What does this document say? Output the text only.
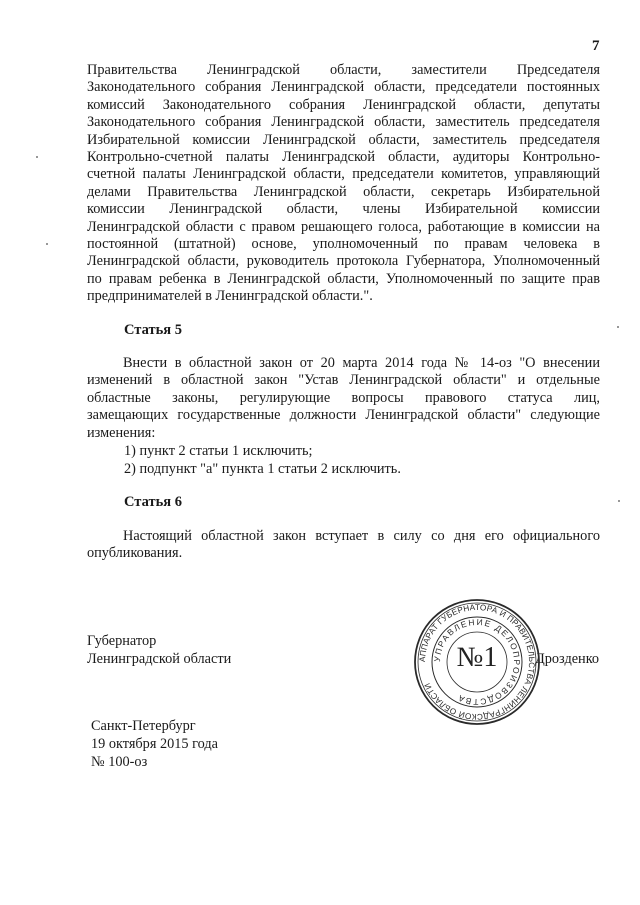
7
Правительства Ленинградской области, заместители Председателя
Законодательного собрания Ленинградской области, председатели постоянных
комиссий Законодательного собрания Ленинградской области, депутаты
Законодательного собрания Ленинградской области, заместитель председателя
Избирательной комиссии Ленинградской области, заместитель председателя
Контрольно-счетной палаты Ленинградской области, аудиторы Контрольно-
счетной палаты Ленинградской области, председатели комитетов, управляющий
делами Правительства Ленинградской области, секретарь Избирательной
комиссии Ленинградской области, члены Избирательной комиссии
Ленинградской области с правом решающего голоса, работающие в комиссии на
постоянной (штатной) основе, уполномоченный по правам человека в
Ленинградской области, руководитель протокола Губернатора, Уполномоченный
по правам ребенка в Ленинградской области, Уполномоченный по защите прав
предпринимателей в Ленинградской области.".
Статья 5
Внести в областной закон от 20 марта 2014 года № 14-оз "О внесении
изменений в областной закон "Устав Ленинградской области" и отдельные
областные законы, регулирующие вопросы правового статуса лиц,
замещающих государственные должности Ленинградской области" следующие
изменения:
1) пункт 2 статьи 1 исключить;
2) подпункт "а" пункта 1 статьи 2 исключить.
Статья 6
Настоящий областной закон вступает в силу со дня его официального
опубликования.
Губернатор
Ленинградской области	Дрозденко
АППАРАТ ГУБЕРНАТОРА И ПРАВИТЕЛЬСТВА ЛЕНИНГРАДСКОЙ ОБЛАСТИ
УПРАВЛЕНИЕ ДЕЛОПРОИЗВОДСТВА
№1
Санкт-Петербург
19 октября 2015 года
№ 100-оз
